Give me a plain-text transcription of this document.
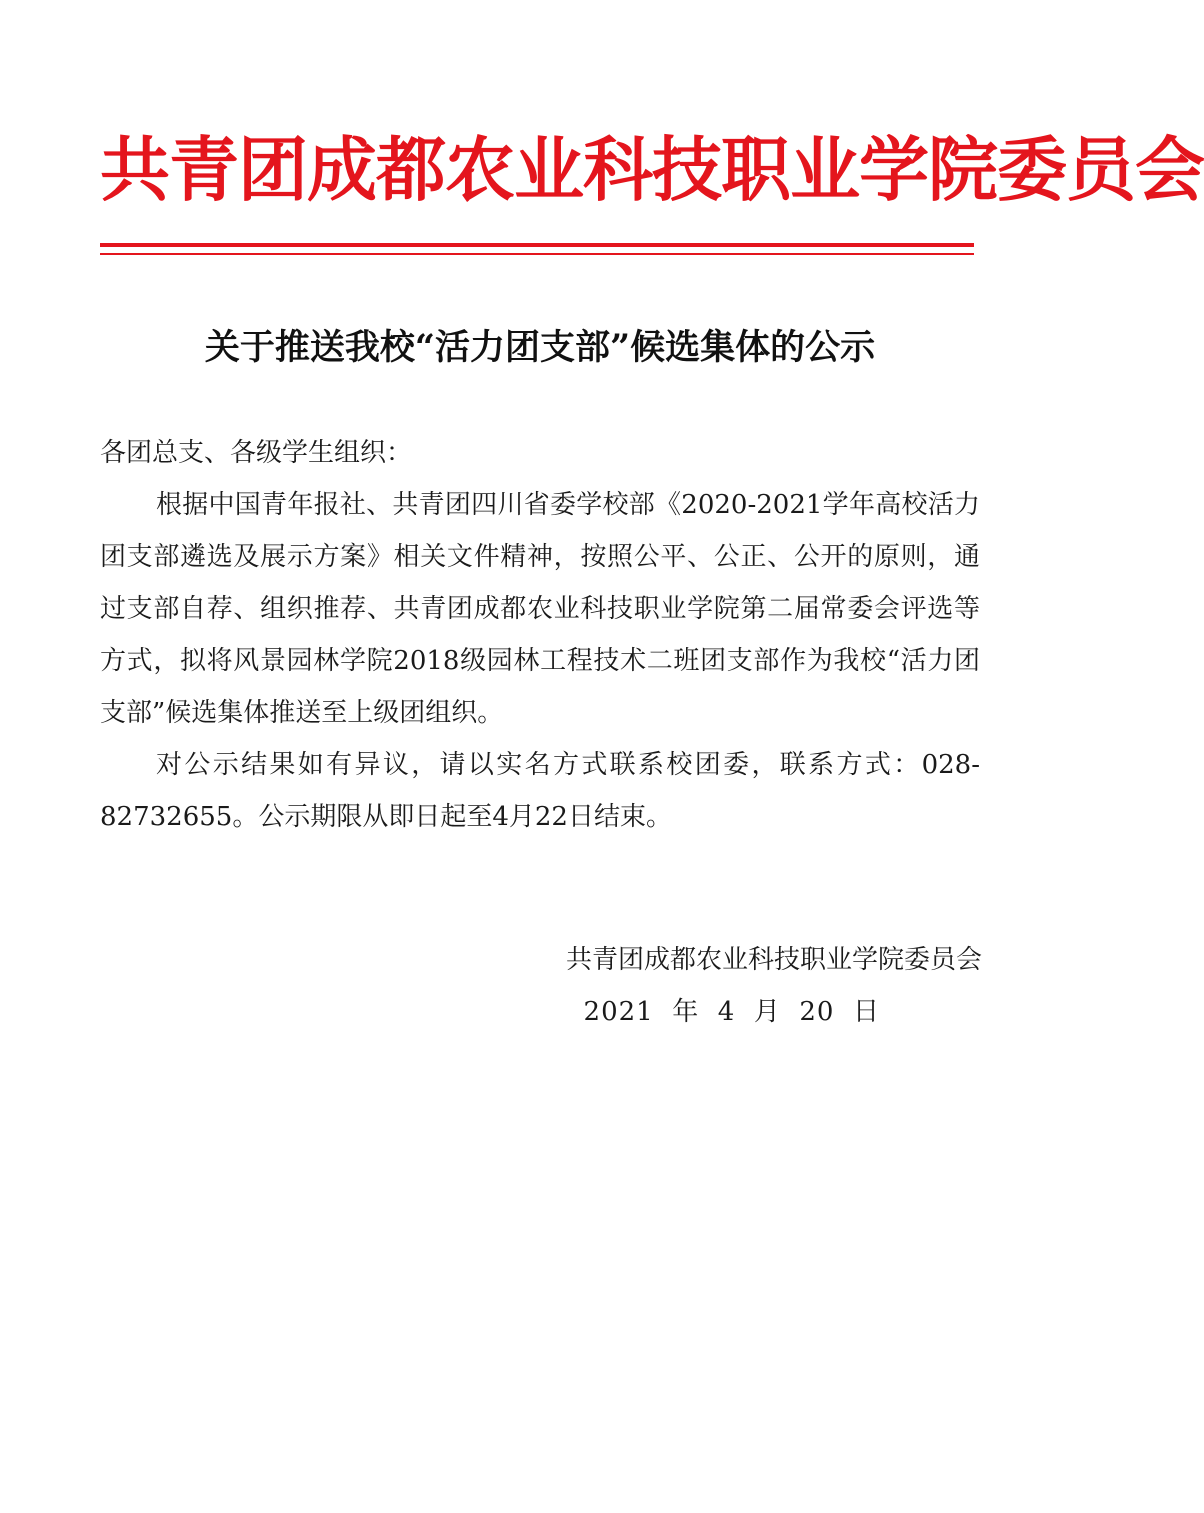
共青团成都农业科技职业学院委员会
关于推送我校“活力团支部”候选集体的公示

各团总支、各级学生组织：

根据中国青年报社、共青团四川省委学校部《2020-2021学年高校活力团支部遴选及展示方案》相关文件精神，按照公平、公正、公开的原则，通过支部自荐、组织推荐、共青团成都农业科技职业学院第二届常委会评选等方式，拟将风景园林学院2018级园林工程技术二班团支部作为我校“活力团支部”候选集体推送至上级团组织。

对公示结果如有异议，请以实名方式联系校团委，联系方式：028-82732655。公示期限从即日起至4月22日结束。

共青团成都农业科技职业学院委员会
2021  年  4  月  20  日
